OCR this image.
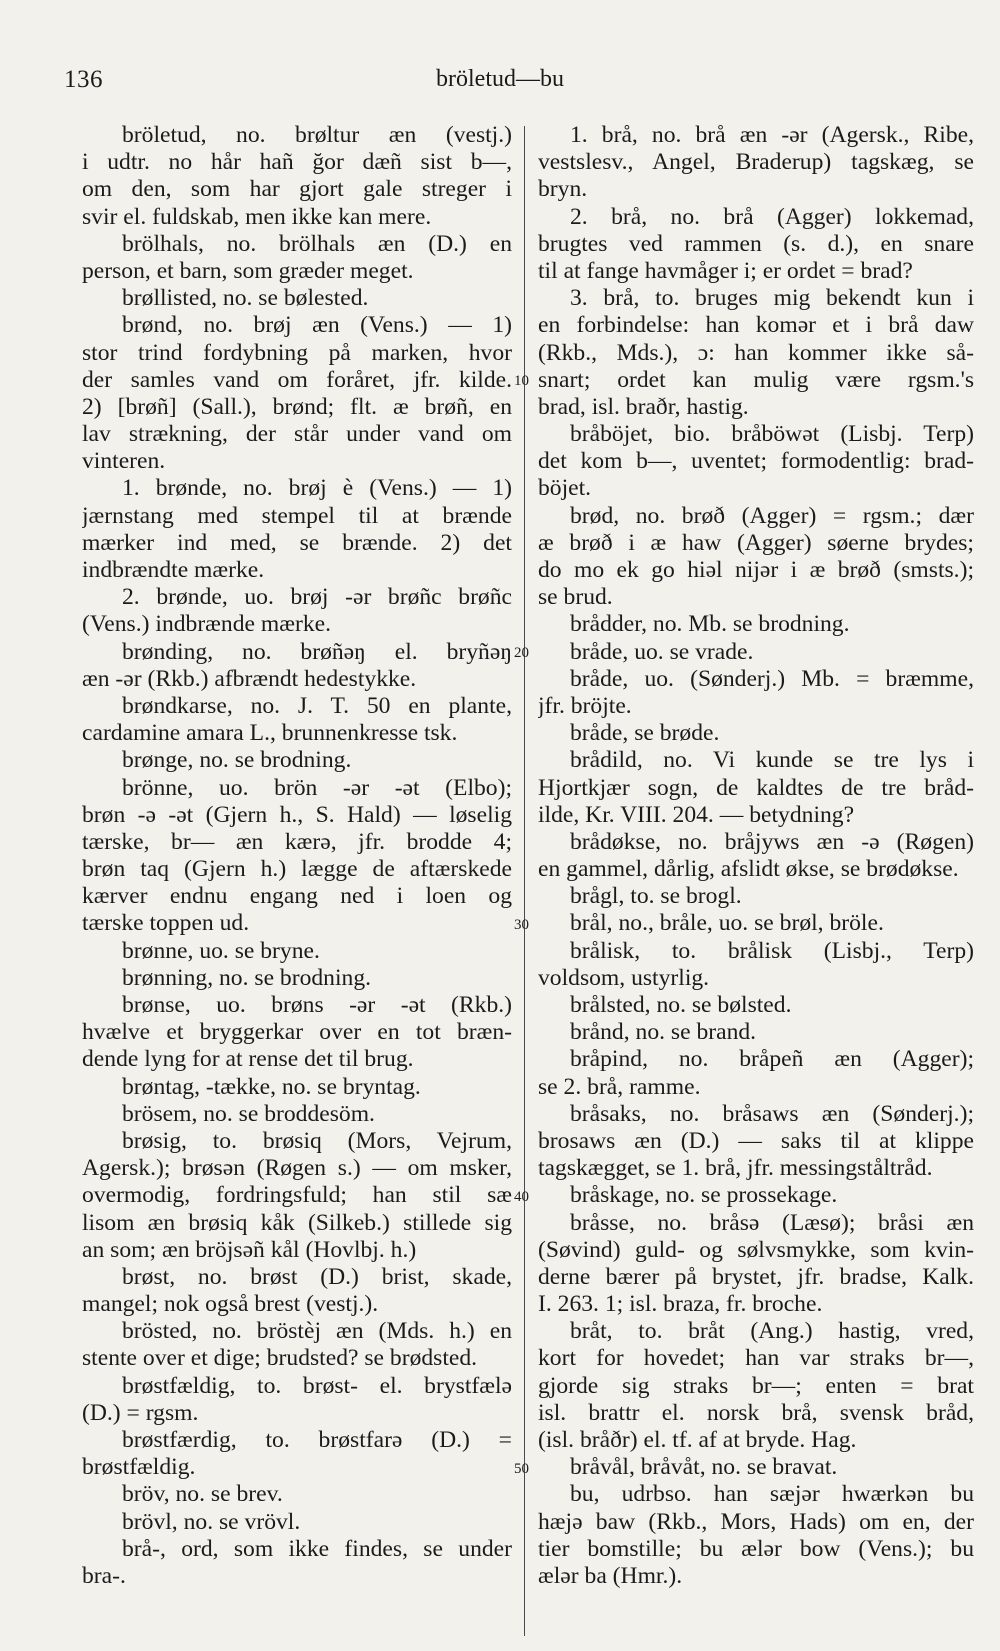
136	bröletud—bu
bröletud, no. brøltur æn (vestj.)
i udtr. no hår hañ ğor dæñ sist b—,
om den, som har gjort gale streger i
svir el. fuldskab, men ikke kan mere.
brölhals, no. brölhals æn (D.) en
person, et barn, som græder meget.
brøllisted, no. se bølested.
brønd, no. brøj æn (Vens.) — 1)
stor trind fordybning på marken, hvor
der samles vand om foråret, jfr. kilde.
2) [brøñ] (Sall.), brønd; flt. æ brøñ, en
lav strækning, der står under vand om
vinteren.
1. brønde, no. brøj è (Vens.) — 1)
jærnstang med stempel til at brænde
mærker ind med, se brænde. 2) det
indbrændte mærke.
2. brønde, uo. brøj -ər brøñc brøñc
(Vens.) indbrænde mærke.
brønding, no. brøñəŋ el. bryñəŋ
æn -ər (Rkb.) afbrændt hedestykke.
brøndkarse, no. J. T. 50 en plante,
cardamine amara L., brunnenkresse tsk.
brønge, no. se brodning.
brönne, uo. brön -ər -ət (Elbo);
brøn -ə -ət (Gjern h., S. Hald) — løselig
tærske, br— æn kærə, jfr. brodde 4;
brøn taq (Gjern h.) lægge de aftærskede
kærver endnu engang ned i loen og
tærske toppen ud.
brønne, uo. se bryne.
brønning, no. se brodning.
brønse, uo. brøns -ər -ət (Rkb.)
hvælve et bryggerkar over en tot bræn-
dende lyng for at rense det til brug.
brøntag, -tække, no. se bryntag.
brösem, no. se broddesöm.
brøsig, to. brøsiq (Mors, Vejrum,
Agersk.); brøsən (Røgen s.) — om msker,
overmodig, fordringsfuld; han stil sæ
lisom æn brøsiq kåk (Silkeb.) stillede sig
an som; æn bröjsəñ kål (Hovlbj. h.)
brøst, no. brøst (D.) brist, skade,
mangel; nok også brest (vestj.).
brösted, no. bröstèj æn (Mds. h.) en
stente over et dige; brudsted? se brødsted.
brøstfældig, to. brøst- el. brystfælə
(D.) = rgsm.
brøstfærdig, to. brøstfarə (D.) =
brøstfældig.
bröv, no. se brev.
brövl, no. se vrövl.
brå-, ord, som ikke findes, se under
bra-.
1. brå, no. brå æn -ər (Agersk., Ribe,
vestslesv., Angel, Braderup) tagskæg, se
bryn.
2. brå, no. brå (Agger) lokkemad,
brugtes ved rammen (s. d.), en snare
til at fange havmåger i; er ordet = brad?
3. brå, to. bruges mig bekendt kun i
en forbindelse: han komər et i brå daw
(Rkb., Mds.), ɔ: han kommer ikke så-
snart; ordet kan mulig være rgsm.'s
brad, isl. braðr, hastig.
bråböjet, bio. bråböwət (Lisbj. Terp)
det kom b—, uventet; formodentlig: brad-
böjet.
brød, no. brøð (Agger) = rgsm.; dær
æ brøð i æ haw (Agger) søerne brydes;
do mo ek go hiəl nijər i æ brøð (smsts.);
se brud.
brådder, no. Mb. se brodning.
bråde, uo. se vrade.
bråde, uo. (Sønderj.) Mb. = bræmme,
jfr. bröjte.
bråde, se brøde.
brådild, no. Vi kunde se tre lys i
Hjortkjær sogn, de kaldtes de tre bråd-
ilde, Kr. VIII. 204. — betydning?
brådøkse, no. bråjyws æn -ə (Røgen)
en gammel, dårlig, afslidt økse, se brødøkse.
brågl, to. se brogl.
brål, no., bråle, uo. se brøl, bröle.
brålisk, to. brålisk (Lisbj., Terp)
voldsom, ustyrlig.
brålsted, no. se bølsted.
brånd, no. se brand.
bråpind, no. bråpeñ æn (Agger);
se 2. brå, ramme.
bråsaks, no. bråsaws æn (Sønderj.);
brosaws æn (D.) — saks til at klippe
tagskægget, se 1. brå, jfr. messingståltråd.
bråskage, no. se prossekage.
bråsse, no. bråsə (Læsø); bråsi æn
(Søvind) guld- og sølvsmykke, som kvin-
derne bærer på brystet, jfr. bradse, Kalk.
I. 263. 1; isl. braza, fr. broche.
bråt, to. bråt (Ang.) hastig, vred,
kort for hovedet; han var straks br—,
gjorde sig straks br—; enten = brat
isl. brattr el. norsk brå, svensk bråd,
(isl. bråðr) el. tf. af at bryde. Hag.
bråvål, bråvåt, no. se bravat.
bu, udrbso. han sæjər hwærkən bu
hæjə baw (Rkb., Mors, Hads) om en, der
tier bomstille; bu ælər bow (Vens.); bu
ælər ba (Hmr.).
10
20
30
40
50
